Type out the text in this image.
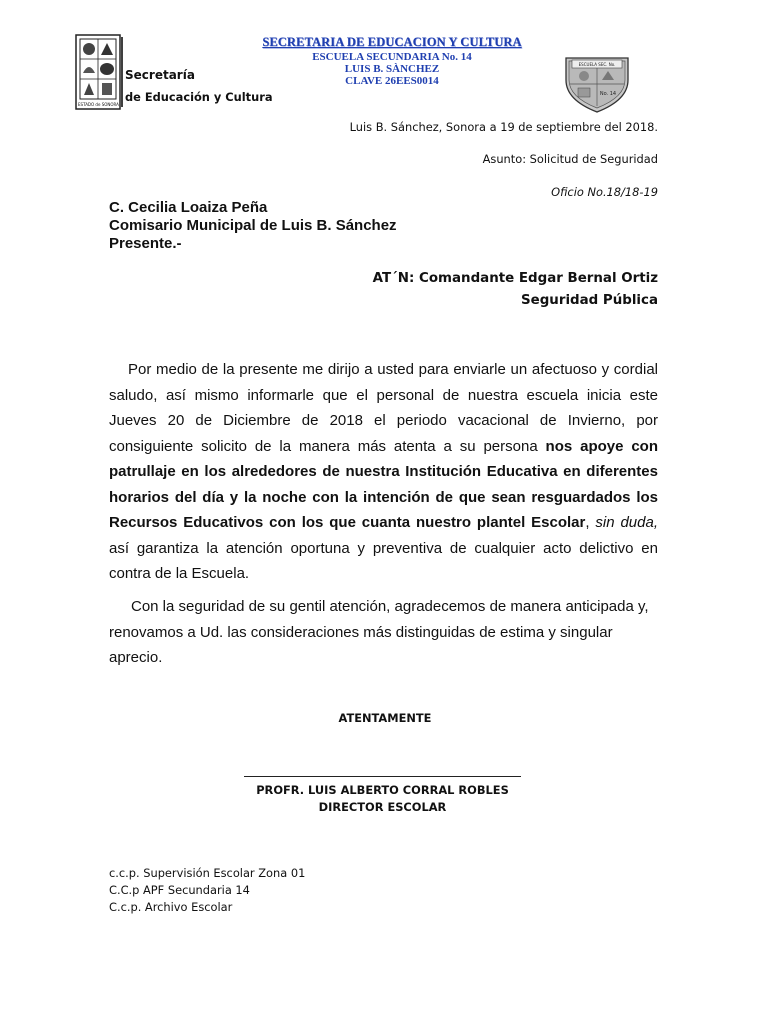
ESTADO de SONORA
Secretaría
de Educación y Cultura
SECRETARIA DE EDUCACION Y CULTURA
ESCUELA SECUNDARIA No. 14
LUIS B. SÀNCHEZ
CLAVE 26EES0014
ESCUELA SEC. No.
No. 14
Luis B. Sánchez, Sonora a 19 de septiembre del 2018.
Asunto: Solicitud de Seguridad
Oficio No.18/18-19
C. Cecilia Loaiza Peña
Comisario Municipal de Luis B. Sánchez
Presente.-
AT´N: Comandante Edgar Bernal Ortiz
Seguridad Pública
Por medio de la presente me dirijo a usted para enviarle un afectuoso y cordial saludo, así mismo informarle que el personal de nuestra escuela inicia este Jueves 20 de Diciembre de 2018 el periodo vacacional de Invierno, por consiguiente solicito de la manera más atenta a su persona nos apoye con patrullaje en los alrededores de nuestra Institución Educativa en diferentes horarios del día y la noche con la intención de que sean resguardados los Recursos Educativos con los que cuanta nuestro plantel Escolar, sin duda, así garantiza la atención oportuna y preventiva de cualquier acto delictivo en contra de la Escuela.
Con la seguridad de su gentil atención, agradecemos de manera anticipada y, renovamos a Ud. las consideraciones más distinguidas de estima y singular aprecio.
ATENTAMENTE
PROFR. LUIS ALBERTO CORRAL ROBLES
DIRECTOR ESCOLAR
c.c.p. Supervisión Escolar Zona 01
C.C.p APF Secundaria 14
C.c.p. Archivo Escolar
